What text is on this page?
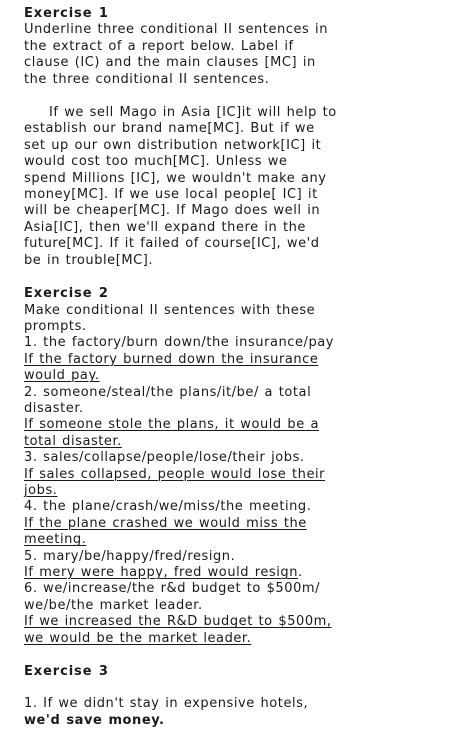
Exercise 1
Underline three conditional II sentences in
the extract of a report below. Label if
clause (IC) and the main clauses [MC] in
the three conditional II sentences.
If we sell Mago in Asia [IC]it will help to
establish our brand name[MC]. But if we
set up our own distribution network[IC] it
would cost too much[MC]. Unless we
spend Millions [IC], we wouldn't make any
money[MC]. If we use local people[ IC] it
will be cheaper[MC]. If Mago does well in
Asia[IC], then we'll expand there in the
future[MC]. If it failed of course[IC], we'd
be in trouble[MC].
Exercise 2
Make conditional II sentences with these
prompts.
1. the factory/burn down/the insurance/pay
If the factory burned down the insurance
would pay.
2. someone/steal/the plans/it/be/ a total
disaster.
If someone stole the plans, it would be a
total disaster.
3. sales/collapse/people/lose/their jobs.
If sales collapsed, people would lose their
jobs.
4. the plane/crash/we/miss/the meeting.
If the plane crashed we would miss the
meeting.
5. mary/be/happy/fred/resign.
If mery were happy, fred would resign.
6. we/increase/the r&d budget to $500m/
we/be/the market leader.
If we increased the R&D budget to $500m,
we would be the market leader.
Exercise 3
1. If we didn't stay in expensive hotels,
we'd save money.
